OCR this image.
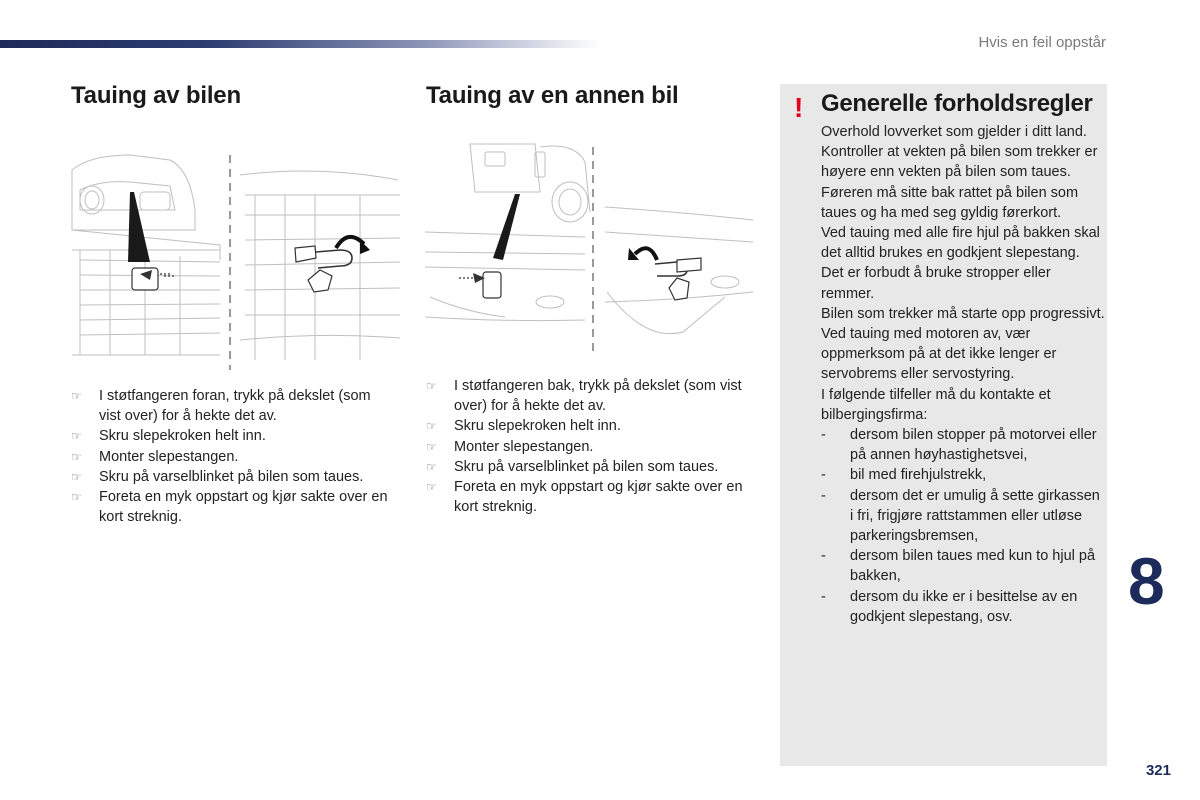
Hvis en feil oppstår
Tauing av bilen
☞ I støtfangeren foran, trykk på dekslet (som vist over) for å hekte det av.
☞ Skru slepekroken helt inn.
☞ Monter slepestangen.
☞ Skru på varselblinket på bilen som taues.
☞ Foreta en myk oppstart og kjør sakte over en kort streknig.
Tauing av en annen bil
☞ I støtfangeren bak, trykk på dekslet (som vist over) for å hekte det av.
☞ Skru slepekroken helt inn.
☞ Monter slepestangen.
☞ Skru på varselblinket på bilen som taues.
☞ Foreta en myk oppstart og kjør sakte over en kort streknig.
! Generelle forholdsregler

Overhold lovverket som gjelder i ditt land.

Kontroller at vekten på bilen som trekker er høyere enn vekten på bilen som taues.

Føreren må sitte bak rattet på bilen som taues og ha med seg gyldig førerkort.

Ved tauing med alle fire hjul på bakken skal det alltid brukes en godkjent slepestang. Det er forbudt å bruke stropper eller remmer.

Bilen som trekker må starte opp progressivt.

Ved tauing med motoren av, vær oppmerksom på at det ikke lenger er servobrems eller servostyring.

I følgende tilfeller må du kontakte et bilbergingsfirma:

- dersom bilen stopper på motorvei eller på annen høyhastighetsvei,
- bil med firehjulstrekk,
- dersom det er umulig å sette girkassen i fri, frigjøre rattstammen eller utløse parkeringsbremsen,
- dersom bilen taues med kun to hjul på bakken,
- dersom du ikke er i besittelse av en godkjent slepestang, osv.	8
321
